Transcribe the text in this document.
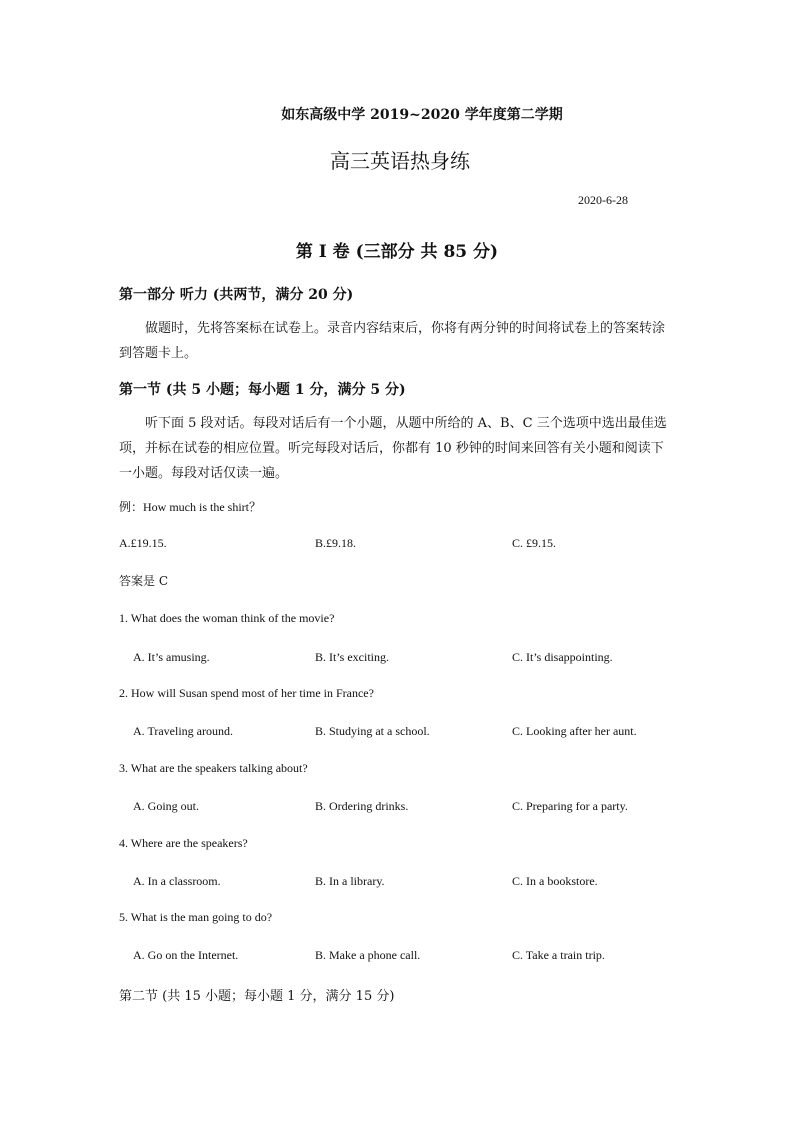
如东高级中学 2019~2020 学年度第二学期
高三英语热身练
2020-6-28
第 I 卷 (三部分 共 85 分)
第一部分 听力 (共两节，满分 20 分)
做题时，先将答案标在试卷上。录音内容结束后，你将有两分钟的时间将试卷上的答案转涂到答题卡上。
第一节 (共 5 小题；每小题 1 分，满分 5 分)
听下面 5 段对话。每段对话后有一个小题，从题中所给的 A、B、C 三个选项中选出最佳选项，并标在试卷的相应位置。听完每段对话后，你都有 10 秒钟的时间来回答有关小题和阅读下一小题。每段对话仅读一遍。
例：How much is the shirt？
A.£19.15.	B.£9.18.	C. £9.15.
答案是 C
1. What does the woman think of the movie?
A. It’s amusing.	B. It’s exciting.	C. It’s disappointing.
2. How will Susan spend most of her time in France?
A. Traveling around.	B. Studying at a school.	C. Looking after her aunt.
3. What are the speakers talking about?
A. Going out.	B. Ordering drinks.	C. Preparing for a party.
4. Where are the speakers?
A. In a classroom.	B. In a library.	C. In a bookstore.
5. What is the man going to do?
A. Go on the Internet.	B. Make a phone call.	C. Take a train trip.
第二节 (共 15 小题；每小题 1 分，满分 15 分)
